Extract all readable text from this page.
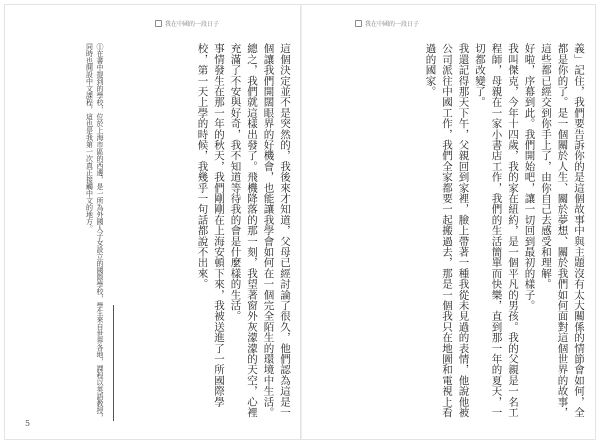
我在中國的一段日子	我在中國的一段日子

義」記住，我們要告訴你的是這個故事中與主題沒有太大關係的情節會如何，全都是你的了。是一個關於人生、關於夢想、關於我們如何面對這個世界的故事，這些都已經交到你手上了，由你自己去感受和理解。

好啦，序幕到此。我們開始吧，讓一切回到最初的樣子。

我叫傑克，今年十四歲，我的家在紐約，是一個平凡的男孩。我的父親是一名工程師，母親在一家小書店工作，我們的生活簡單而快樂，直到那一年的夏天，一切都改變了。

我還記得那天下午，父親回到家裡，臉上帶著一種我從未見過的表情，他說他被公司派往中國工作，我們全家都要一起搬過去，那是一個我只在地圖和電視上看過的國家。

這個決定並不是突然的，我後來才知道，父母已經討論了很久，他們認為這是一個讓我們開闊眼界的好機會，也能讓我學會如何在一個完全陌生的環境中生活。

總之，我們就這樣出發了。飛機降落的那一刻，我望著窗外灰濛濛的天空，心裡充滿了不安與好奇，我不知道等待我的會是什麼樣的生活。

事情發生在那一年的秋天，我們剛剛在上海安頓下來，我被送進了一所國際學校，第一天上學的時候，我幾乎一句話都說不出來。

①在書中提到的學校，位於上海市區的西邊，是一所為外國人子女設立的國際學校，學生來自世界各地，課程以英語教授，同時也開設中文課程，這也是我第一次真正接觸中文的地方。

5
